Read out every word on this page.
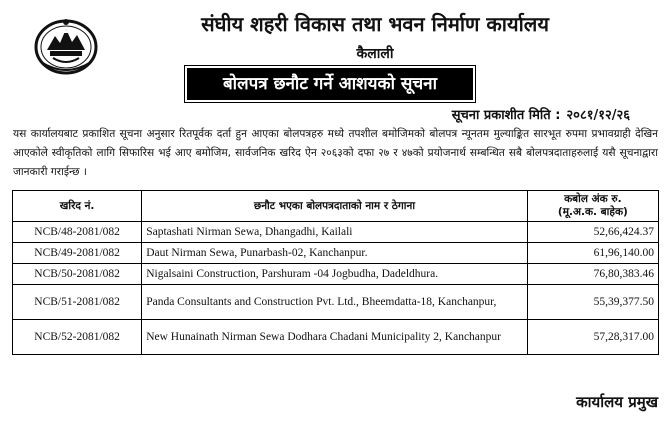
संघीय शहरी विकास तथा भवन निर्माण कार्यालय
कैलाली
बोलपत्र छनौट गर्ने आशयको सूचना
सूचना प्रकाशीत मिति : २०८१/१२/२६
यस कार्यालयबाट प्रकाशित सूचना अनुसार रितपूर्वक दर्ता हुन आएका बोलपत्रहरु मध्ये तपशील बमोजिमको बोलपत्र न्यूनतम मुल्याङ्कित सारभूत रुपमा प्रभावग्राही देखिन आएकोले स्वीकृतिको लागि सिफारिस भई आए बमोजिम, सार्वजनिक खरिद ऐन २०६३को दफा २७ र ४७को प्रयोजनार्थ सम्बन्धित सबै बोलपत्रदाताहरुलाई यसै सूचनाद्वारा जानकारी गराईन्छ ।
खरिद नं.	छनौट भएका बोलपत्रदाताको नाम र ठेगाना	कबोल अंक रु.
(मू.अ.क. बाहेक)

NCB/48-2081/082	Saptashati Nirman Sewa, Dhangadhi, Kailali	52,66,424.37
NCB/49-2081/082	Daut Nirman Sewa, Punarbash-02, Kanchanpur.	61,96,140.00
NCB/50-2081/082	Nigalsaini Construction, Parshuram -04 Jogbudha, Dadeldhura.	76,80,383.46
NCB/51-2081/082	Panda Consultants and Construction Pvt. Ltd., Bheemdatta-18, Kanchanpur,	55,39,377.50
NCB/52-2081/082	New Hunainath Nirman Sewa Dodhara Chadani Municipality 2, Kanchanpur	57,28,317.00
कार्यालय प्रमुख
